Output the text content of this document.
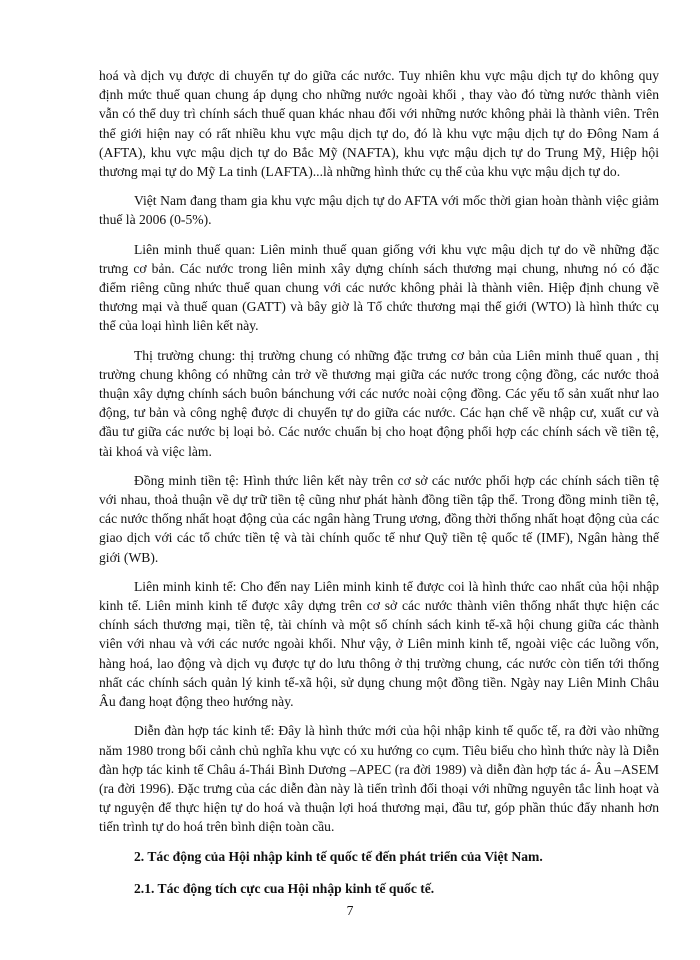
hoá và dịch vụ được di chuyển tự do giữa các nước. Tuy nhiên khu vực mậu dịch tự do không quy định mức thuế quan chung áp dụng cho những nước ngoài khối , thay vào đó từng nước thành viên vẫn có thể duy trì chính sách thuế quan khác nhau đối với những nước không phải là thành viên. Trên thế giới hiện nay có rất nhiều khu vực mậu dịch tự do, đó là khu vực mậu dịch tự do Đông Nam á (AFTA), khu vực mậu dịch tự do Bắc Mỹ (NAFTA), khu vực mậu dịch tự do Trung Mỹ, Hiệp hội thương mại tự do Mỹ La tinh (LAFTA)...là những hình thức cụ thể của khu vực mậu dịch tự do.

Việt Nam đang tham gia khu vực mậu dịch tự do AFTA với mốc thời gian hoàn thành việc giảm thuế là 2006 (0-5%).

Liên minh thuế quan: Liên minh thuế quan giống với khu vực mậu dịch tự do về những đặc trưng cơ bản. Các nước trong liên minh xây dựng chính sách thương mại chung, nhưng nó có đặc điểm riêng cũng nhức thuế quan chung với các nước không phải là thành viên. Hiệp định chung về thương mại và thuế quan (GATT) và bây giờ là Tổ chức thương mại thế giới (WTO) là hình thức cụ thể của loại hình liên kết này.

Thị trường chung: thị trường chung có những đặc trưng cơ bản của Liên minh thuế quan , thị trường chung không có những cản trở về thương mại giữa các nước trong cộng đồng, các nước thoả thuận xây dựng chính sách buôn bánchung với các nước noài cộng đồng. Các yếu tố sản xuất như lao động, tư bản và công nghệ được di chuyển tự do giữa các nước. Các hạn chế về nhập cư, xuất cư và đầu tư giữa các nước bị loại bỏ. Các nước chuẩn bị cho hoạt động phối hợp các chính sách về tiền tệ, tài khoá và việc làm.

Đồng minh tiền tệ: Hình thức liên kết này trên cơ sở các nước phối hợp các chính sách tiền tệ với nhau, thoả thuận về dự trữ tiền tệ cũng như phát hành đồng tiền tập thể. Trong đồng minh tiền tệ, các nước thống nhất hoạt động của các ngân hàng Trung ương, đồng thời thống nhất hoạt động của các giao dịch với các tổ chức tiền tệ và tài chính quốc tế như Quỹ tiền tệ quốc tế (IMF), Ngân hàng thế giới (WB).

Liên minh kinh tế: Cho đến nay Liên minh kinh tế được coi là hình thức cao nhất của hội nhập kinh tế. Liên minh kinh tế được xây dựng trên cơ sở các nước thành viên thống nhất thực hiện các chính sách thương mại, tiền tệ, tài chính và một số chính sách kinh tế-xã hội chung giữa các thành viên với nhau và với các nước ngoài khối. Như vậy, ở Liên minh kinh tế, ngoài việc các luồng vốn, hàng hoá, lao động và dịch vụ được tự do lưu thông ở thị trường chung, các nước còn tiến tới thống nhất các chính sách quản lý kinh tế-xã hội, sử dụng chung một đồng tiền. Ngày nay Liên Minh Châu Âu đang hoạt động theo hướng này.

Diễn đàn hợp tác kinh tế: Đây là hình thức mới của hội nhập kinh tế quốc tế, ra đời vào những năm 1980 trong bối cảnh chủ nghĩa khu vực có xu hướng co cụm. Tiêu biểu cho hình thức này là Diễn đàn hợp tác kinh tế Châu á-Thái Bình Dương –APEC (ra đời 1989) và diễn đàn hợp tác á- Âu –ASEM (ra đời 1996). Đặc trưng của các diễn đàn này là tiến trình đối thoại với những nguyên tắc linh hoạt và tự nguyện để thực hiện tự do hoá và thuận lợi hoá thương mại, đầu tư, góp phần thúc đẩy nhanh hơn tiến trình tự do hoá trên bình diện toàn cầu.

2. Tác động của Hội nhập kinh tế quốc tế đến phát triển của Việt Nam.

2.1. Tác động tích cực cua Hội nhập kinh tế quốc tế.

7
